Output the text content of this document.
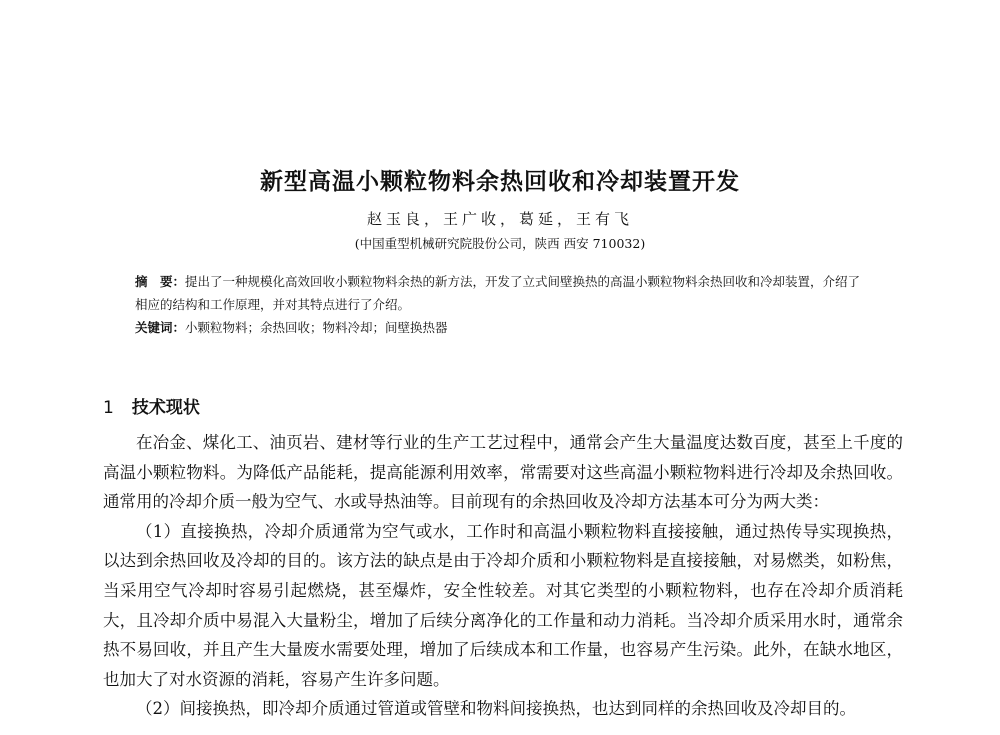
新型高温小颗粒物料余热回收和冷却装置开发
赵玉良，王广收，葛延，王有飞
(中国重型机械研究院股份公司，陕西 西安 710032)

摘　要：提出了一种规模化高效回收小颗粒物料余热的新方法，开发了立式间壁换热的高温小颗粒物料余热回收和冷却装置，介绍了相应的结构和工作原理，并对其特点进行了介绍。

关键词：小颗粒物料；余热回收；物料冷却；间壁换热器

1 技术现状

在冶金、煤化工、油页岩、建材等行业的生产工艺过程中，通常会产生大量温度达数百度，甚至上千度的高温小颗粒物料。为降低产品能耗，提高能源利用效率，常需要对这些高温小颗粒物料进行冷却及余热回收。通常用的冷却介质一般为空气、水或导热油等。目前现有的余热回收及冷却方法基本可分为两大类：

（1）直接换热，冷却介质通常为空气或水，工作时和高温小颗粒物料直接接触，通过热传导实现换热，以达到余热回收及冷却的目的。该方法的缺点是由于冷却介质和小颗粒物料是直接接触，对易燃类，如粉焦，当采用空气冷却时容易引起燃烧，甚至爆炸，安全性较差。对其它类型的小颗粒物料，也存在冷却介质消耗大，且冷却介质中易混入大量粉尘，增加了后续分离净化的工作量和动力消耗。当冷却介质采用水时，通常余热不易回收，并且产生大量废水需要处理，增加了后续成本和工作量，也容易产生污染。此外，在缺水地区，也加大了对水资源的消耗，容易产生许多问题。

（2）间接换热，即冷却介质通过管道或管壁和物料间接换热，也达到同样的余热回收及冷却目的。
